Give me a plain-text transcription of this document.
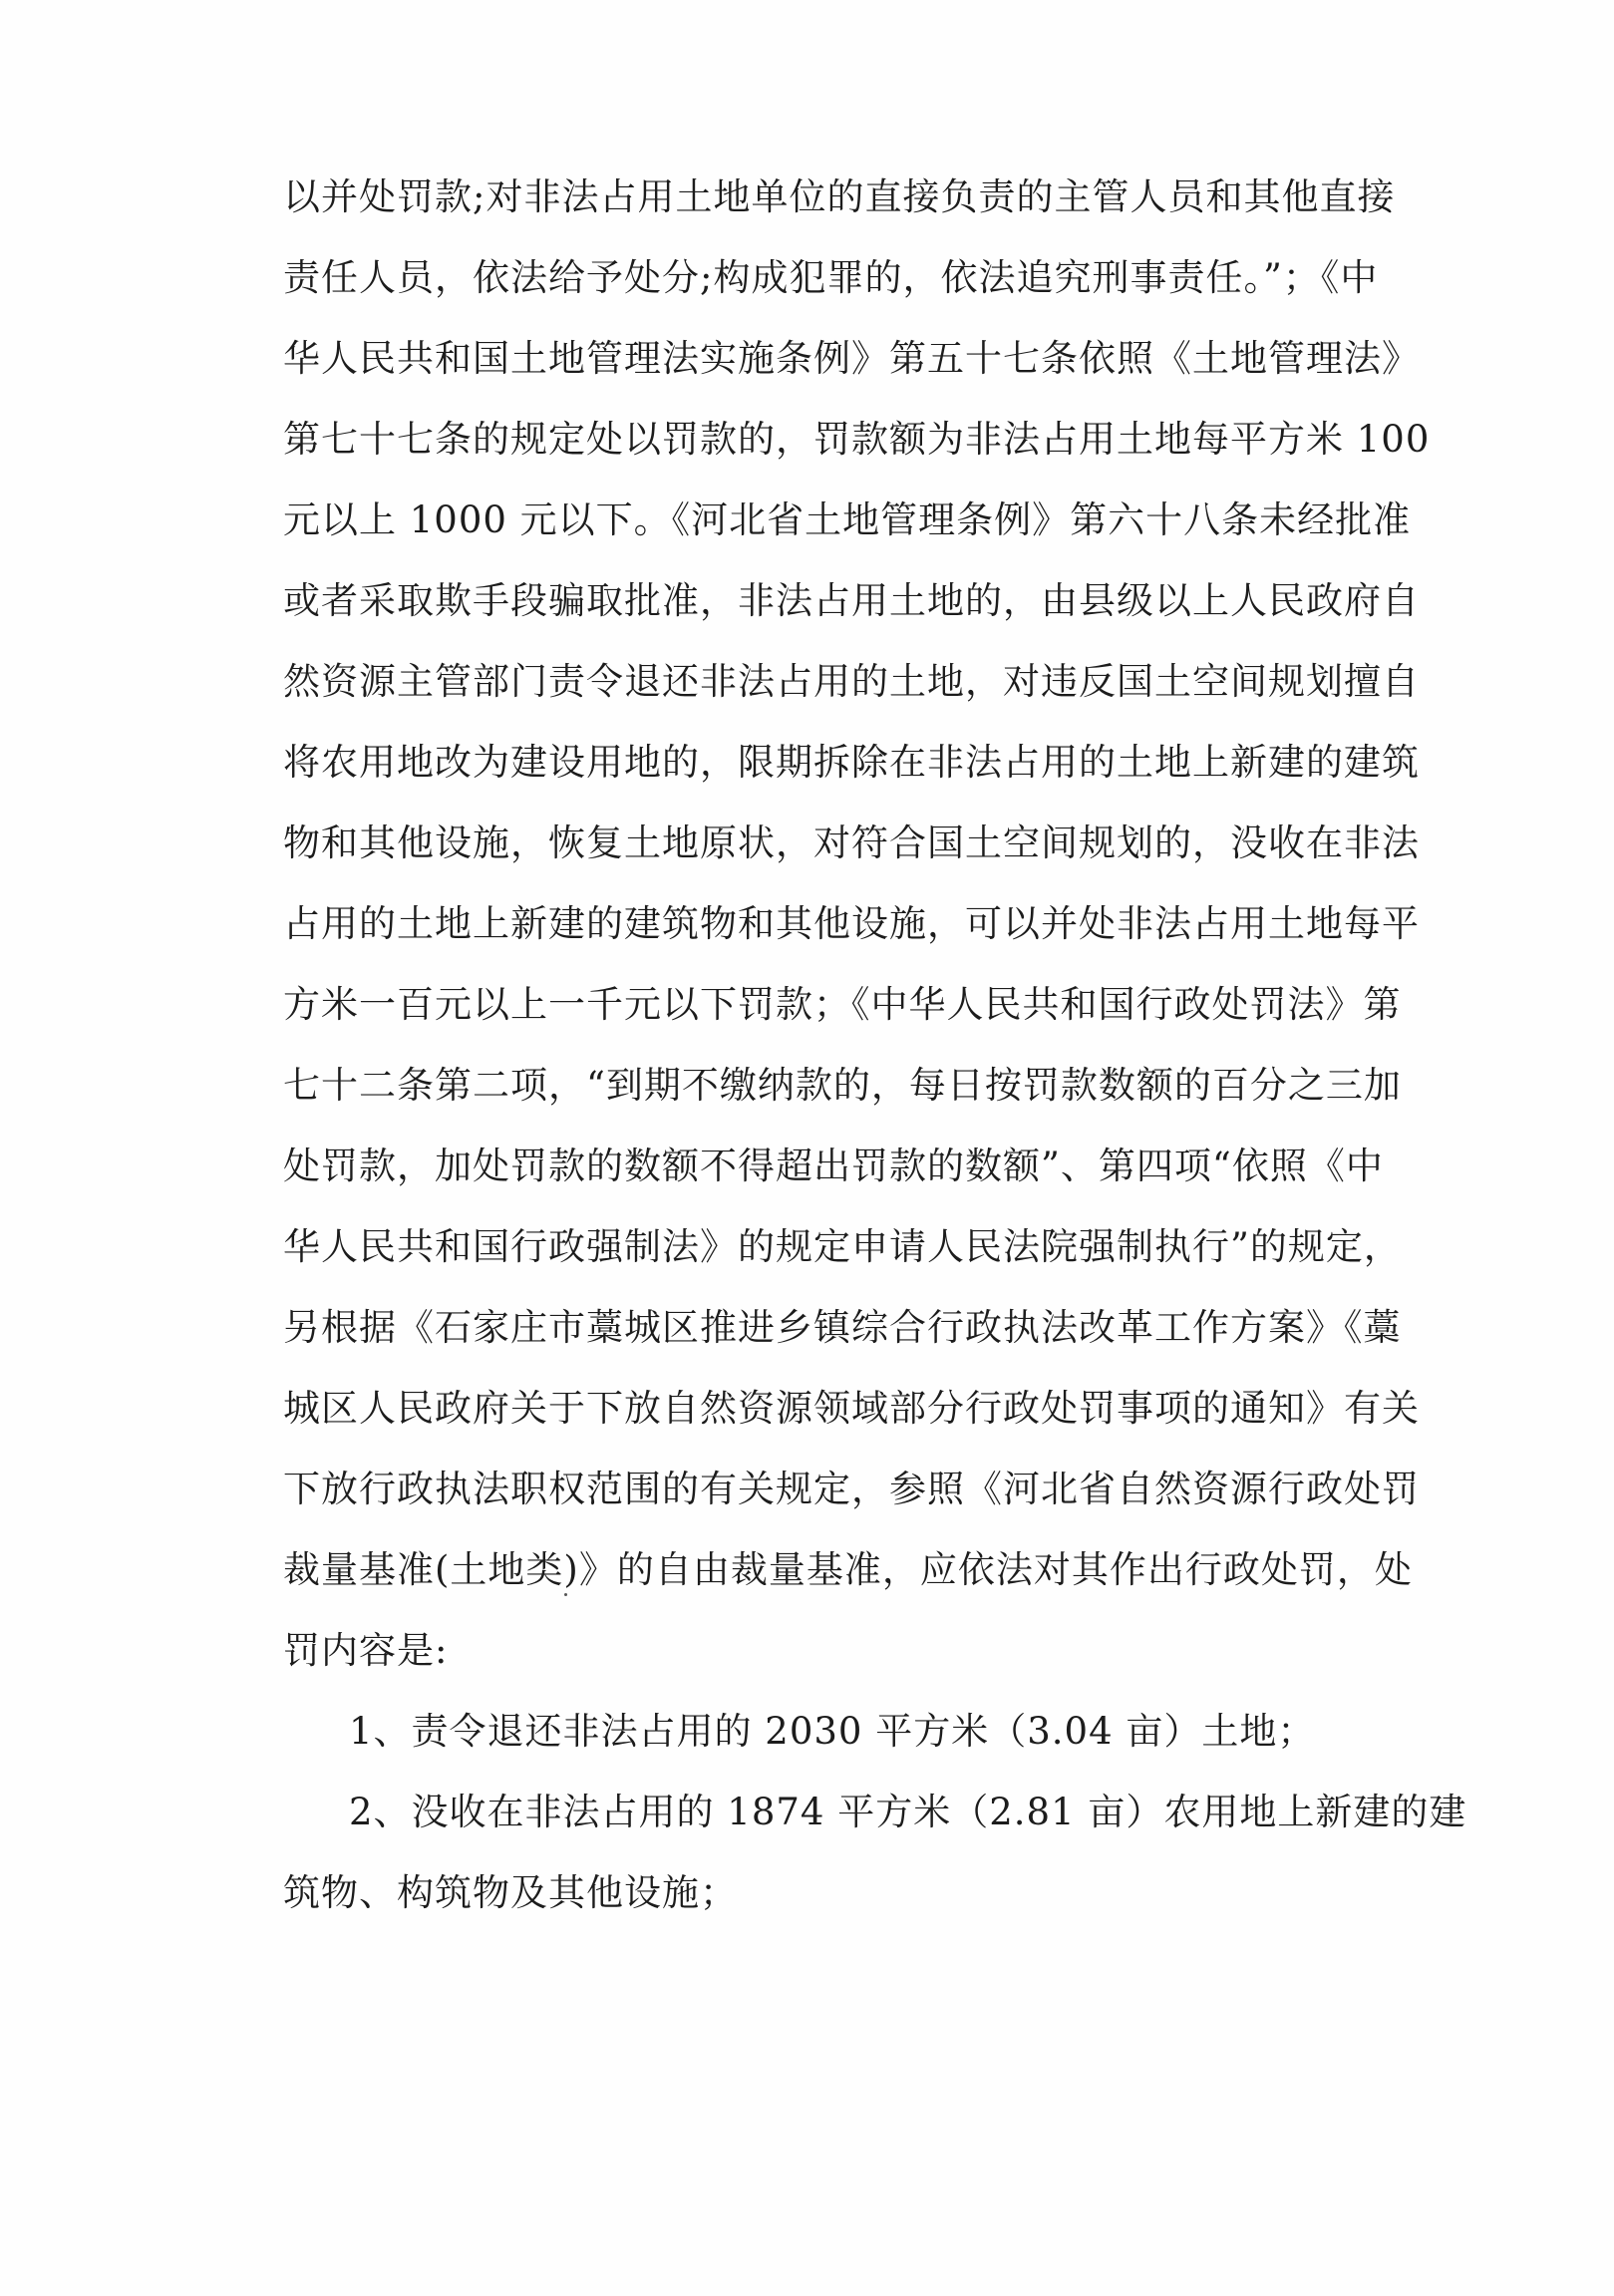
以并处罚款;对非法占用土地单位的直接负责的主管人员和其他直接
责任人员，依法给予处分;构成犯罪的，依法追究刑事责任。”；《中
华人民共和国土地管理法实施条例》第五十七条依照《土地管理法》
第七十七条的规定处以罚款的，罚款额为非法占用土地每平方米 100
元以上 1000 元以下。《河北省土地管理条例》第六十八条未经批准
或者采取欺手段骗取批准，非法占用土地的，由县级以上人民政府自
然资源主管部门责令退还非法占用的土地，对违反国土空间规划擅自
将农用地改为建设用地的，限期拆除在非法占用的土地上新建的建筑
物和其他设施，恢复土地原状，对符合国土空间规划的，没收在非法
占用的土地上新建的建筑物和其他设施，可以并处非法占用土地每平
方米一百元以上一千元以下罚款；《中华人民共和国行政处罚法》第
七十二条第二项，“到期不缴纳款的，每日按罚款数额的百分之三加
处罚款，加处罚款的数额不得超出罚款的数额”、第四项“依照《中
华人民共和国行政强制法》的规定申请人民法院强制执行”的规定，
另根据《石家庄市藁城区推进乡镇综合行政执法改革工作方案》《藁
城区人民政府关于下放自然资源领域部分行政处罚事项的通知》有关
下放行政执法职权范围的有关规定，参照《河北省自然资源行政处罚
裁量基准(土地类)》的自由裁量基准，应依法对其作出行政处罚，处
罚内容是:
1、责令退还非法占用的 2030 平方米（3.04 亩）土地；
2、没收在非法占用的 1874 平方米（2.81 亩）农用地上新建的建
筑物、构筑物及其他设施；
